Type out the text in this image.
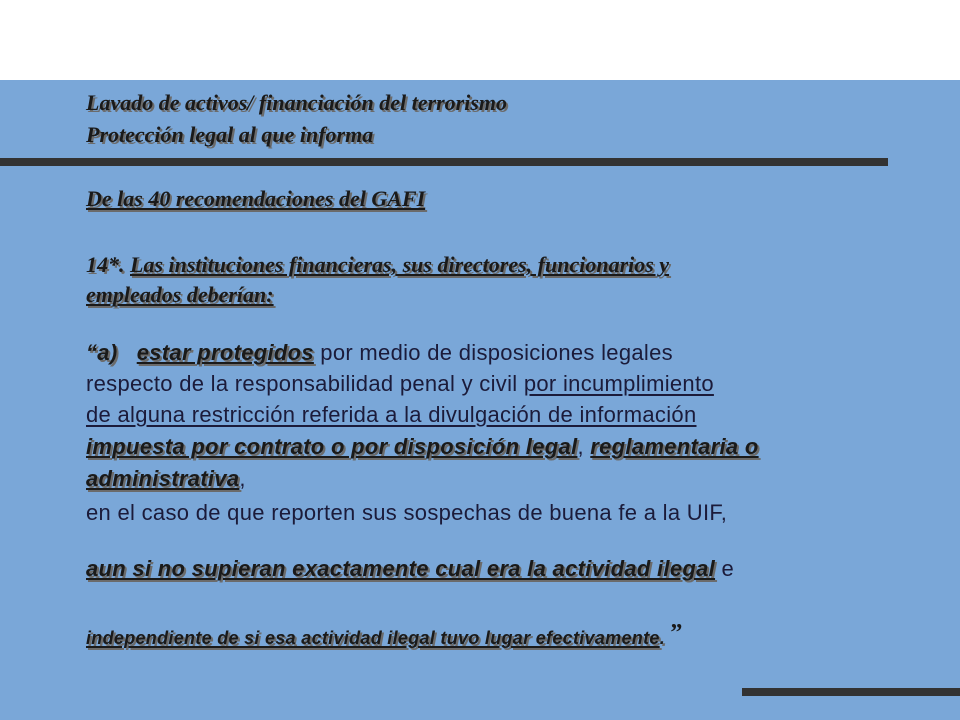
Lavado de activos/ financiación del terrorismo
Protección legal al que informa
De las 40 recomendaciones del GAFI
14*. Las instituciones financieras, sus directores, funcionarios y
empleados deberían:
“a) estar protegidos por medio de disposiciones legales
respecto de la responsabilidad penal y civil por incumplimiento
de alguna restricción referida a la divulgación de información
impuesta por contrato o por disposición legal, reglamentaria o
administrativa,
en el caso de que reporten sus sospechas de buena fe a la UIF,
aun si no supieran exactamente cual era la actividad ilegal e
independiente de si esa actividad ilegal tuvo lugar efectivamente. ”
